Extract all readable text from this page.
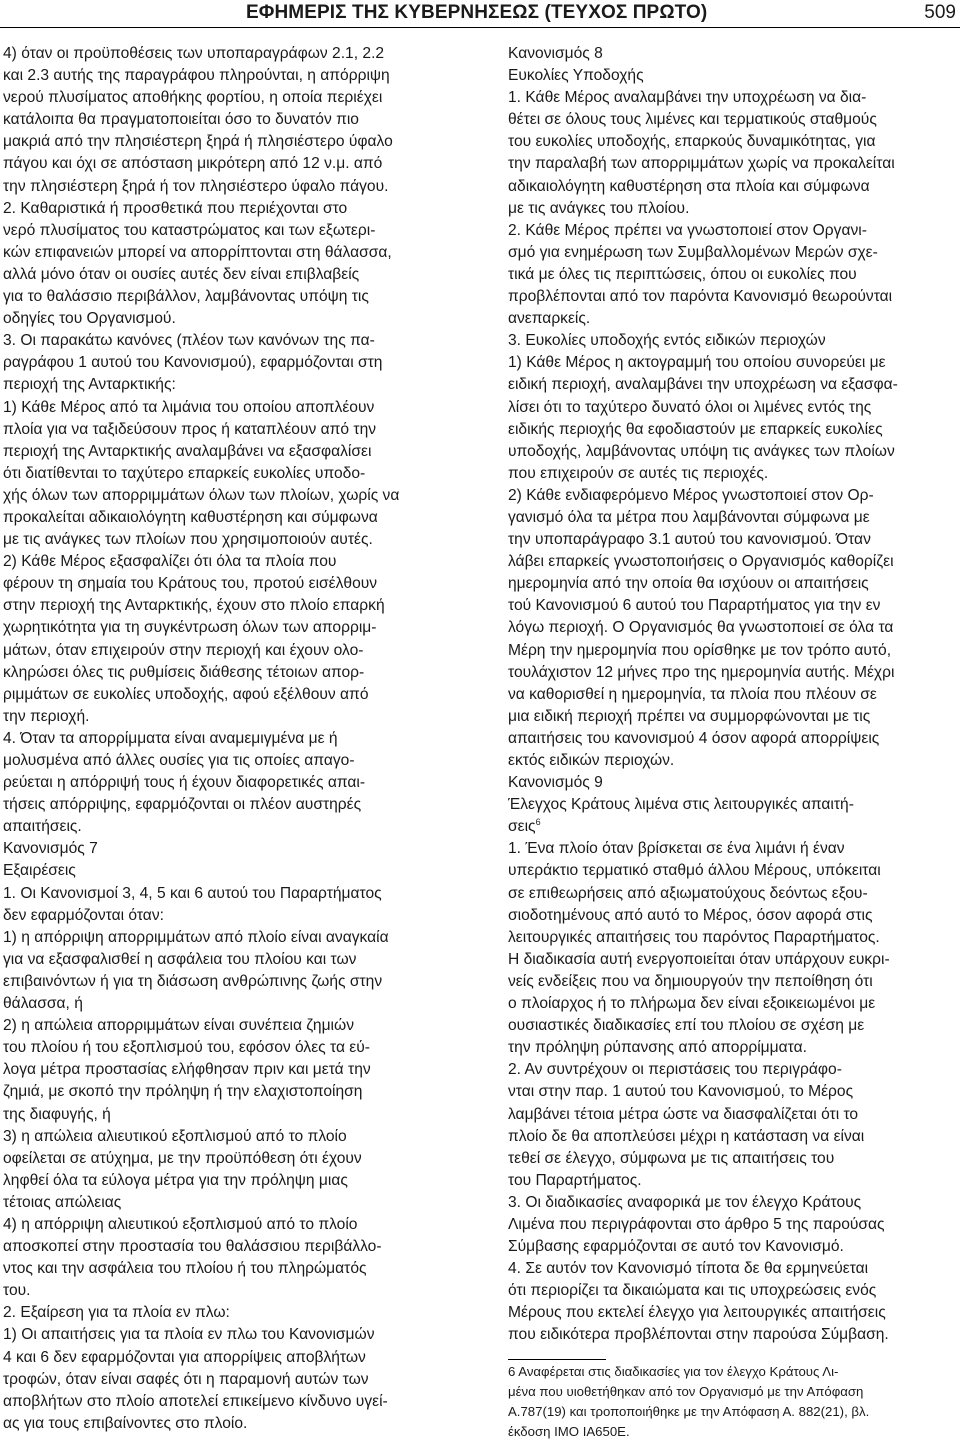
ΕΦΗΜΕΡΙΣ ΤΗΣ ΚΥΒΕΡΝΗΣΕΩΣ (ΤΕΥΧΟΣ ΠΡΩΤΟ)	509
4) όταν οι προϋποθέσεις των υποπαραγράφων 2.1, 2.2
και 2.3 αυτής της παραγράφου πληρούνται, η απόρριψη
νερού πλυσίματος αποθήκης φορτίου, η οποία περιέχει
κατάλοιπα θα πραγματοποιείται όσο το δυνατόν πιο
μακριά από την πλησιέστερη ξηρά ή πλησιέστερο ύφαλο
πάγου και όχι σε απόσταση μικρότερη από 12 ν.μ. από
την πλησιέστερη ξηρά ή τον πλησιέστερο ύφαλο πάγου.
2. Καθαριστικά ή προσθετικά που περιέχονται στο
νερό πλυσίματος του καταστρώματος και των εξωτερι-
κών επιφανειών μπορεί να απορρίπτονται στη θάλασσα,
αλλά μόνο όταν οι ουσίες αυτές δεν είναι επιβλαβείς
για το θαλάσσιο περιβάλλον, λαμβάνοντας υπόψη τις
οδηγίες του Οργανισμού.
3. Οι παρακάτω κανόνες (πλέον των κανόνων της πα-
ραγράφου 1 αυτού του Κανονισμού), εφαρμόζονται στη
περιοχή της Ανταρκτικής:
1) Κάθε Μέρος από τα λιμάνια του οποίου αποπλέουν
πλοία για να ταξιδεύσουν προς ή καταπλέουν από την
περιοχή της Ανταρκτικής αναλαμβάνει να εξασφαλίσει
ότι διατίθενται το ταχύτερο επαρκείς ευκολίες υποδο-
χής όλων των απορριμμάτων όλων των πλοίων, χωρίς να
προκαλείται αδικαιολόγητη καθυστέρηση και σύμφωνα
με τις ανάγκες των πλοίων που χρησιμοποιούν αυτές.
2) Κάθε Μέρος εξασφαλίζει ότι όλα τα πλοία που
φέρουν τη σημαία του Κράτους του, προτού εισέλθουν
στην περιοχή της Ανταρκτικής, έχουν στο πλοίο επαρκή
χωρητικότητα για τη συγκέντρωση όλων των απορριμ-
μάτων, όταν επιχειρούν στην περιοχή και έχουν ολο-
κληρώσει όλες τις ρυθμίσεις διάθεσης τέτοιων απορ-
ριμμάτων σε ευκολίες υποδοχής, αφού εξέλθουν από
την περιοχή.
4. Όταν τα απορρίμματα είναι αναμεμιγμένα με ή
μολυσμένα από άλλες ουσίες για τις οποίες απαγο-
ρεύεται η απόρριψή τους ή έχουν διαφορετικές απαι-
τήσεις απόρριψης, εφαρμόζονται οι πλέον αυστηρές
απαιτήσεις.
Κανονισμός 7
Εξαιρέσεις
1. Οι Κανονισμοί 3, 4, 5 και 6 αυτού του Παραρτήματος
δεν εφαρμόζονται όταν:
1) η απόρριψη απορριμμάτων από πλοίο είναι αναγκαία
για να εξασφαλισθεί η ασφάλεια του πλοίου και των
επιβαινόντων ή για τη διάσωση ανθρώπινης ζωής στην
θάλασσα, ή
2) η απώλεια απορριμμάτων είναι συνέπεια ζημιών
του πλοίου ή του εξοπλισμού του, εφόσον όλες τα εύ-
λογα μέτρα προστασίας ελήφθησαν πριν και μετά την
ζημιά, με σκοπό την πρόληψη ή την ελαχιστοποίηση
της διαφυγής, ή
3) η απώλεια αλιευτικού εξοπλισμού από το πλοίο
οφείλεται σε ατύχημα, με την προϋπόθεση ότι έχουν
ληφθεί όλα τα εύλογα μέτρα για την πρόληψη μιας
τέτοιας απώλειας
4) η απόρριψη αλιευτικού εξοπλισμού από το πλοίο
αποσκοπεί στην προστασία του θαλάσσιου περιβάλλο-
ντος και την ασφάλεια του πλοίου ή του πληρώματός
του.
2. Εξαίρεση για τα πλοία εν πλω:
1) Οι απαιτήσεις για τα πλοία εν πλω του Κανονισμών
4 και 6 δεν εφαρμόζονται για απορρίψεις αποβλήτων
τροφών, όταν είναι σαφές ότι η παραμονή αυτών των
αποβλήτων στο πλοίο αποτελεί επικείμενο κίνδυνο υγεί-
ας για τους επιβαίνοντες στο πλοίο.
Κανονισμός 8
Ευκολίες Υποδοχής
1. Κάθε Μέρος αναλαμβάνει την υποχρέωση να δια-
θέτει σε όλους τους λιμένες και τερματικούς σταθμούς
του ευκολίες υποδοχής, επαρκούς δυναμικότητας, για
την παραλαβή των απορριμμάτων χωρίς να προκαλείται
αδικαιολόγητη καθυστέρηση στα πλοία και σύμφωνα
με τις ανάγκες του πλοίου.
2. Κάθε Μέρος πρέπει να γνωστοποιεί στον Οργανι-
σμό για ενημέρωση των Συμβαλλομένων Μερών σχε-
τικά με όλες τις περιπτώσεις, όπου οι ευκολίες που
προβλέπονται από τον παρόντα Κανονισμό θεωρούνται
ανεπαρκείς.
3. Ευκολίες υποδοχής εντός ειδικών περιοχών
1) Κάθε Μέρος η ακτογραμμή του οποίου συνορεύει με
ειδική περιοχή, αναλαμβάνει την υποχρέωση να εξασφα-
λίσει ότι το ταχύτερο δυνατό όλοι οι λιμένες εντός της
ειδικής περιοχής θα εφοδιαστούν με επαρκείς ευκολίες
υποδοχής, λαμβάνοντας υπόψη τις ανάγκες των πλοίων
που επιχειρούν σε αυτές τις περιοχές.
2) Κάθε ενδιαφερόμενο Μέρος γνωστοποιεί στον Ορ-
γανισμό όλα τα μέτρα που λαμβάνονται σύμφωνα με
την υποπαράγραφο 3.1 αυτού του κανονισμού. Όταν
λάβει επαρκείς γνωστοποιήσεις ο Οργανισμός καθορίζει
ημερομηνία από την οποία θα ισχύουν οι απαιτήσεις
τού Κανονισμού 6 αυτού του Παραρτήματος για την εν
λόγω περιοχή. Ο Οργανισμός θα γνωστοποιεί σε όλα τα
Μέρη την ημερομηνία που ορίσθηκε με τον τρόπο αυτό,
τουλάχιστον 12 μήνες προ της ημερομηνία αυτής. Μέχρι
να καθορισθεί η ημερομηνία, τα πλοία που πλέουν σε
μια ειδική περιοχή πρέπει να συμμορφώνονται με τις
απαιτήσεις του κανονισμού 4 όσον αφορά απορρίψεις
εκτός ειδικών περιοχών.
Κανονισμός 9
Έλεγχος Κράτους λιμένα στις λειτουργικές απαιτή-
σεις$^6$
1. Ένα πλοίο όταν βρίσκεται σε ένα λιμάνι ή έναν
υπεράκτιο τερματικό σταθμό άλλου Μέρους, υπόκειται
σε επιθεωρήσεις από αξιωματούχους δεόντως εξου-
σιοδοτημένους από αυτό το Μέρος, όσον αφορά στις
λειτουργικές απαιτήσεις του παρόντος Παραρτήματος.
Η διαδικασία αυτή ενεργοποιείται όταν υπάρχουν ευκρι-
νείς ενδείξεις που να δημιουργούν την πεποίθηση ότι
ο πλοίαρχος ή το πλήρωμα δεν είναι εξοικειωμένοι με
ουσιαστικές διαδικασίες επί του πλοίου σε σχέση με
την πρόληψη ρύπανσης από απορρίμματα.
2. Αν συντρέχουν οι περιστάσεις του περιγράφο-
νται στην παρ. 1 αυτού του Κανονισμού, το Μέρος
λαμβάνει τέτοια μέτρα ώστε να διασφαλίζεται ότι το
πλοίο δε θα αποπλεύσει μέχρι η κατάσταση να είναι
τεθεί σε έλεγχο, σύμφωνα με τις απαιτήσεις του
του Παραρτήματος.
3. Οι διαδικασίες αναφορικά με τον έλεγχο Κράτους
Λιμένα που περιγράφονται στο άρθρο 5 της παρούσας
Σύμβασης εφαρμόζονται σε αυτό τον Κανονισμό.
4. Σε αυτόν τον Κανονισμό τίποτα δε θα ερμηνεύεται
ότι περιορίζει τα δικαιώματα και τις υποχρεώσεις ενός
Μέρους που εκτελεί έλεγχο για λειτουργικές απαιτήσεις
που ειδικότερα προβλέπονται στην παρούσα Σύμβαση.
6 Αναφέρεται στις διαδικασίες για τον έλεγχο Κράτους Λι-
μένα που υιοθετήθηκαν από τον Οργανισμό με την Απόφαση
A.787(19) και τροποποιήθηκε με την Απόφαση Α. 882(21), βλ.
έκδοση IMO IA650E.
